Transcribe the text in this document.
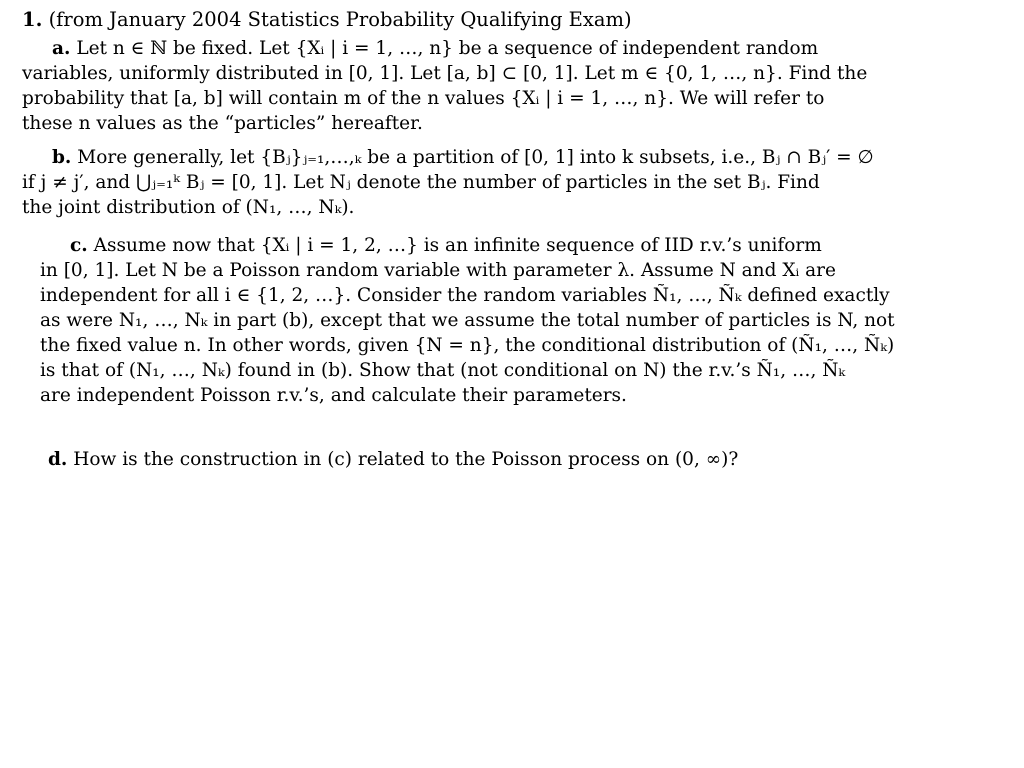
1. (from January 2004 Statistics Probability Qualifying Exam)
a. Let n ∈ ℕ be fixed. Let {Xᵢ | i = 1, …, n} be a sequence of independent random
variables, uniformly distributed in [0, 1]. Let [a, b] ⊂ [0, 1]. Let m ∈ {0, 1, …, n}. Find the
probability that [a, b] will contain m of the n values {Xᵢ | i = 1, …, n}. We will refer to
these n values as the “particles” hereafter.
b. More generally, let {Bⱼ}ⱼ₌₁,…,ₖ be a partition of [0, 1] into k subsets, i.e., Bⱼ ∩ Bⱼ′ = ∅
if j ≠ j′, and ⋃ⱼ₌₁ᵏ Bⱼ = [0, 1]. Let Nⱼ denote the number of particles in the set Bⱼ. Find
the joint distribution of (N₁, …, Nₖ).
c. Assume now that {Xᵢ | i = 1, 2, …} is an infinite sequence of IID r.v.’s uniform
in [0, 1]. Let N be a Poisson random variable with parameter λ. Assume N and Xᵢ are
independent for all i ∈ {1, 2, …}. Consider the random variables Ñ₁, …, Ñₖ defined exactly
as were N₁, …, Nₖ in part (b), except that we assume the total number of particles is N, not
the fixed value n. In other words, given {N = n}, the conditional distribution of (Ñ₁, …, Ñₖ)
is that of (N₁, …, Nₖ) found in (b). Show that (not conditional on N) the r.v.’s Ñ₁, …, Ñₖ
are independent Poisson r.v.’s, and calculate their parameters.
d. How is the construction in (c) related to the Poisson process on (0, ∞)?
